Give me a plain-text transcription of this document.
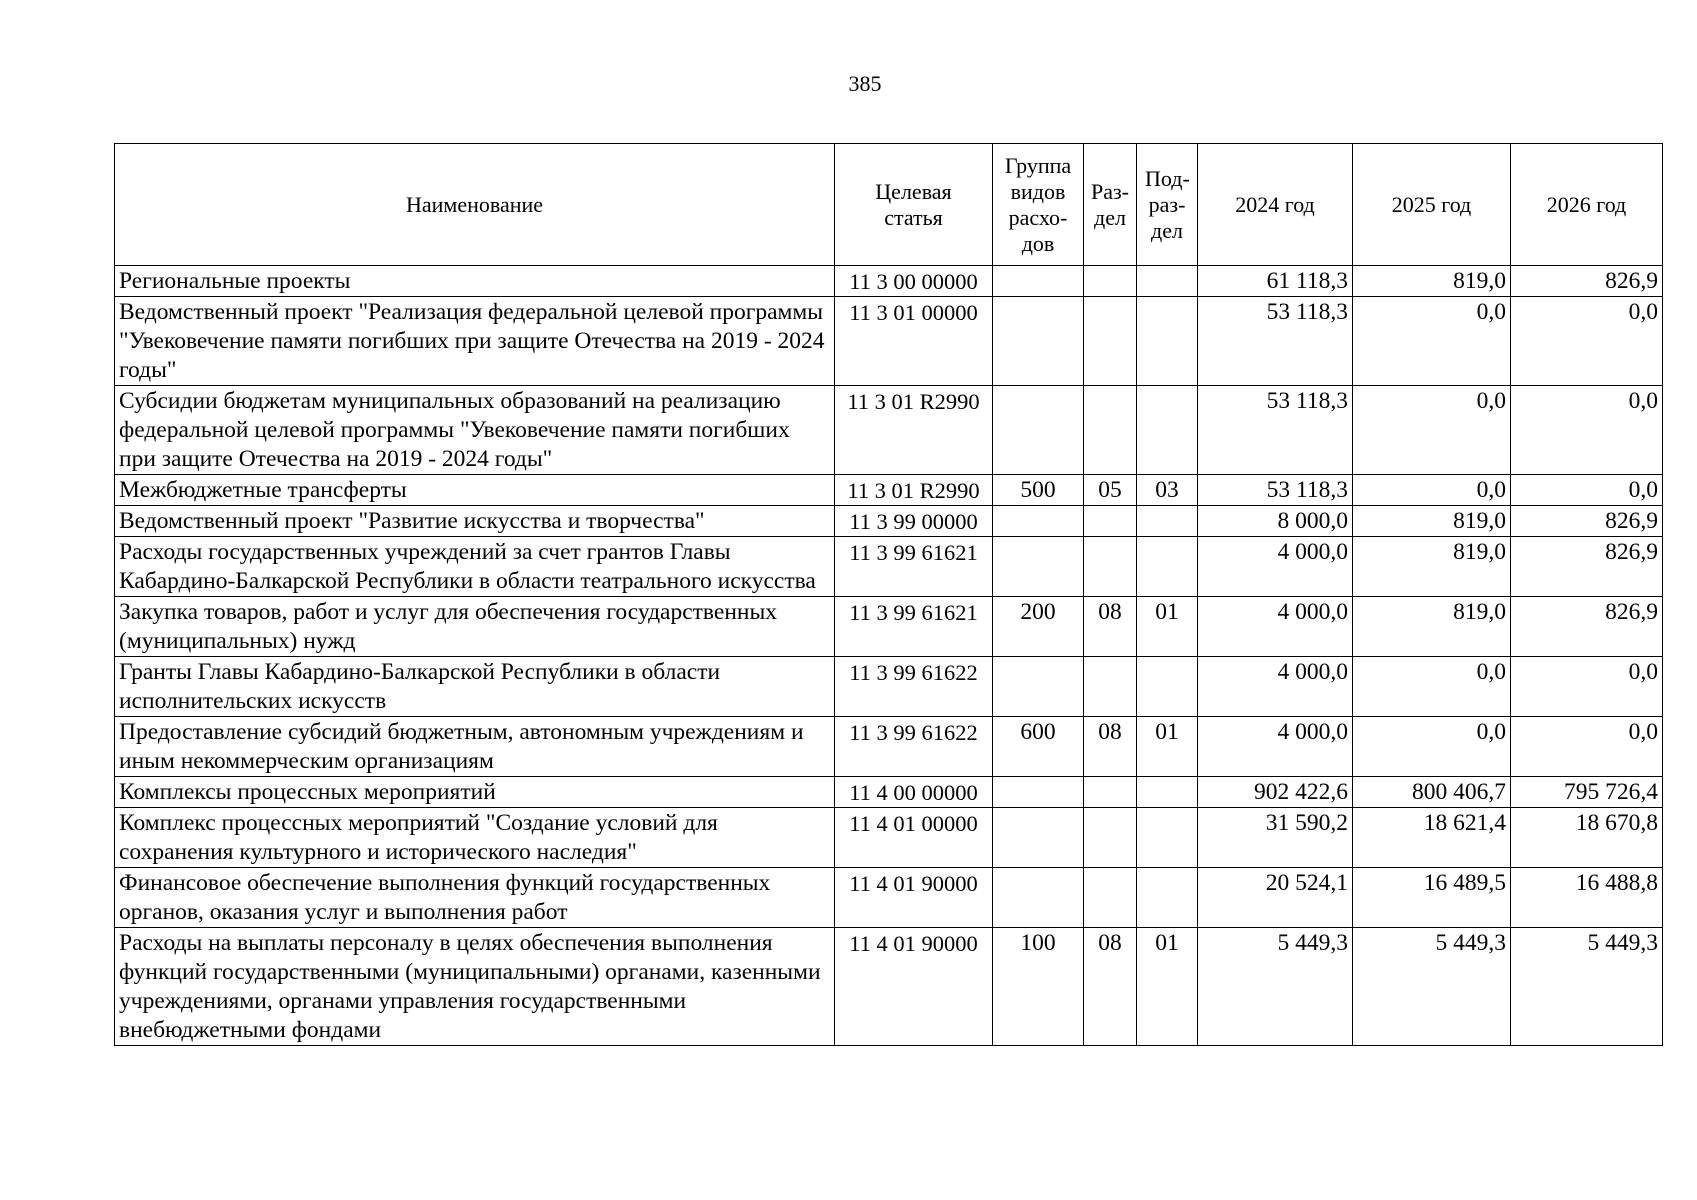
385
Наименование	Целевая статья	Группа видов расхо-дов	Раз-дел	Под-раз-дел	2024 год	2025 год	2026 год
Региональные проекты	11 3 00 00000				61 118,3	819,0	826,9
Ведомственный проект "Реализация федеральной целевой программы "Увековечение памяти погибших при защите Отечества на 2019 - 2024 годы"	11 3 01 00000				53 118,3	0,0	0,0
Субсидии бюджетам муниципальных образований на реализацию федеральной целевой программы "Увековечение памяти погибших при защите Отечества на 2019 - 2024 годы"	11 3 01 R2990				53 118,3	0,0	0,0
Межбюджетные трансферты	11 3 01 R2990	500	05	03	53 118,3	0,0	0,0
Ведомственный проект "Развитие искусства и творчества"	11 3 99 00000				8 000,0	819,0	826,9
Расходы государственных учреждений за счет грантов Главы Кабардино-Балкарской Республики в области театрального искусства	11 3 99 61621				4 000,0	819,0	826,9
Закупка товаров, работ и услуг для обеспечения государственных (муниципальных) нужд	11 3 99 61621	200	08	01	4 000,0	819,0	826,9
Гранты Главы Кабардино-Балкарской Республики в области исполнительских искусств	11 3 99 61622				4 000,0	0,0	0,0
Предоставление субсидий бюджетным, автономным учреждениям и иным некоммерческим организациям	11 3 99 61622	600	08	01	4 000,0	0,0	0,0
Комплексы процессных мероприятий	11 4 00 00000				902 422,6	800 406,7	795 726,4
Комплекс процессных мероприятий "Создание условий для сохранения культурного и исторического наследия"	11 4 01 00000				31 590,2	18 621,4	18 670,8
Финансовое обеспечение выполнения функций государственных органов, оказания услуг и выполнения работ	11 4 01 90000				20 524,1	16 489,5	16 488,8
Расходы на выплаты персоналу в целях обеспечения выполнения функций государственными (муниципальными) органами, казенными учреждениями, органами управления государственными внебюджетными фондами	11 4 01 90000	100	08	01	5 449,3	5 449,3	5 449,3
